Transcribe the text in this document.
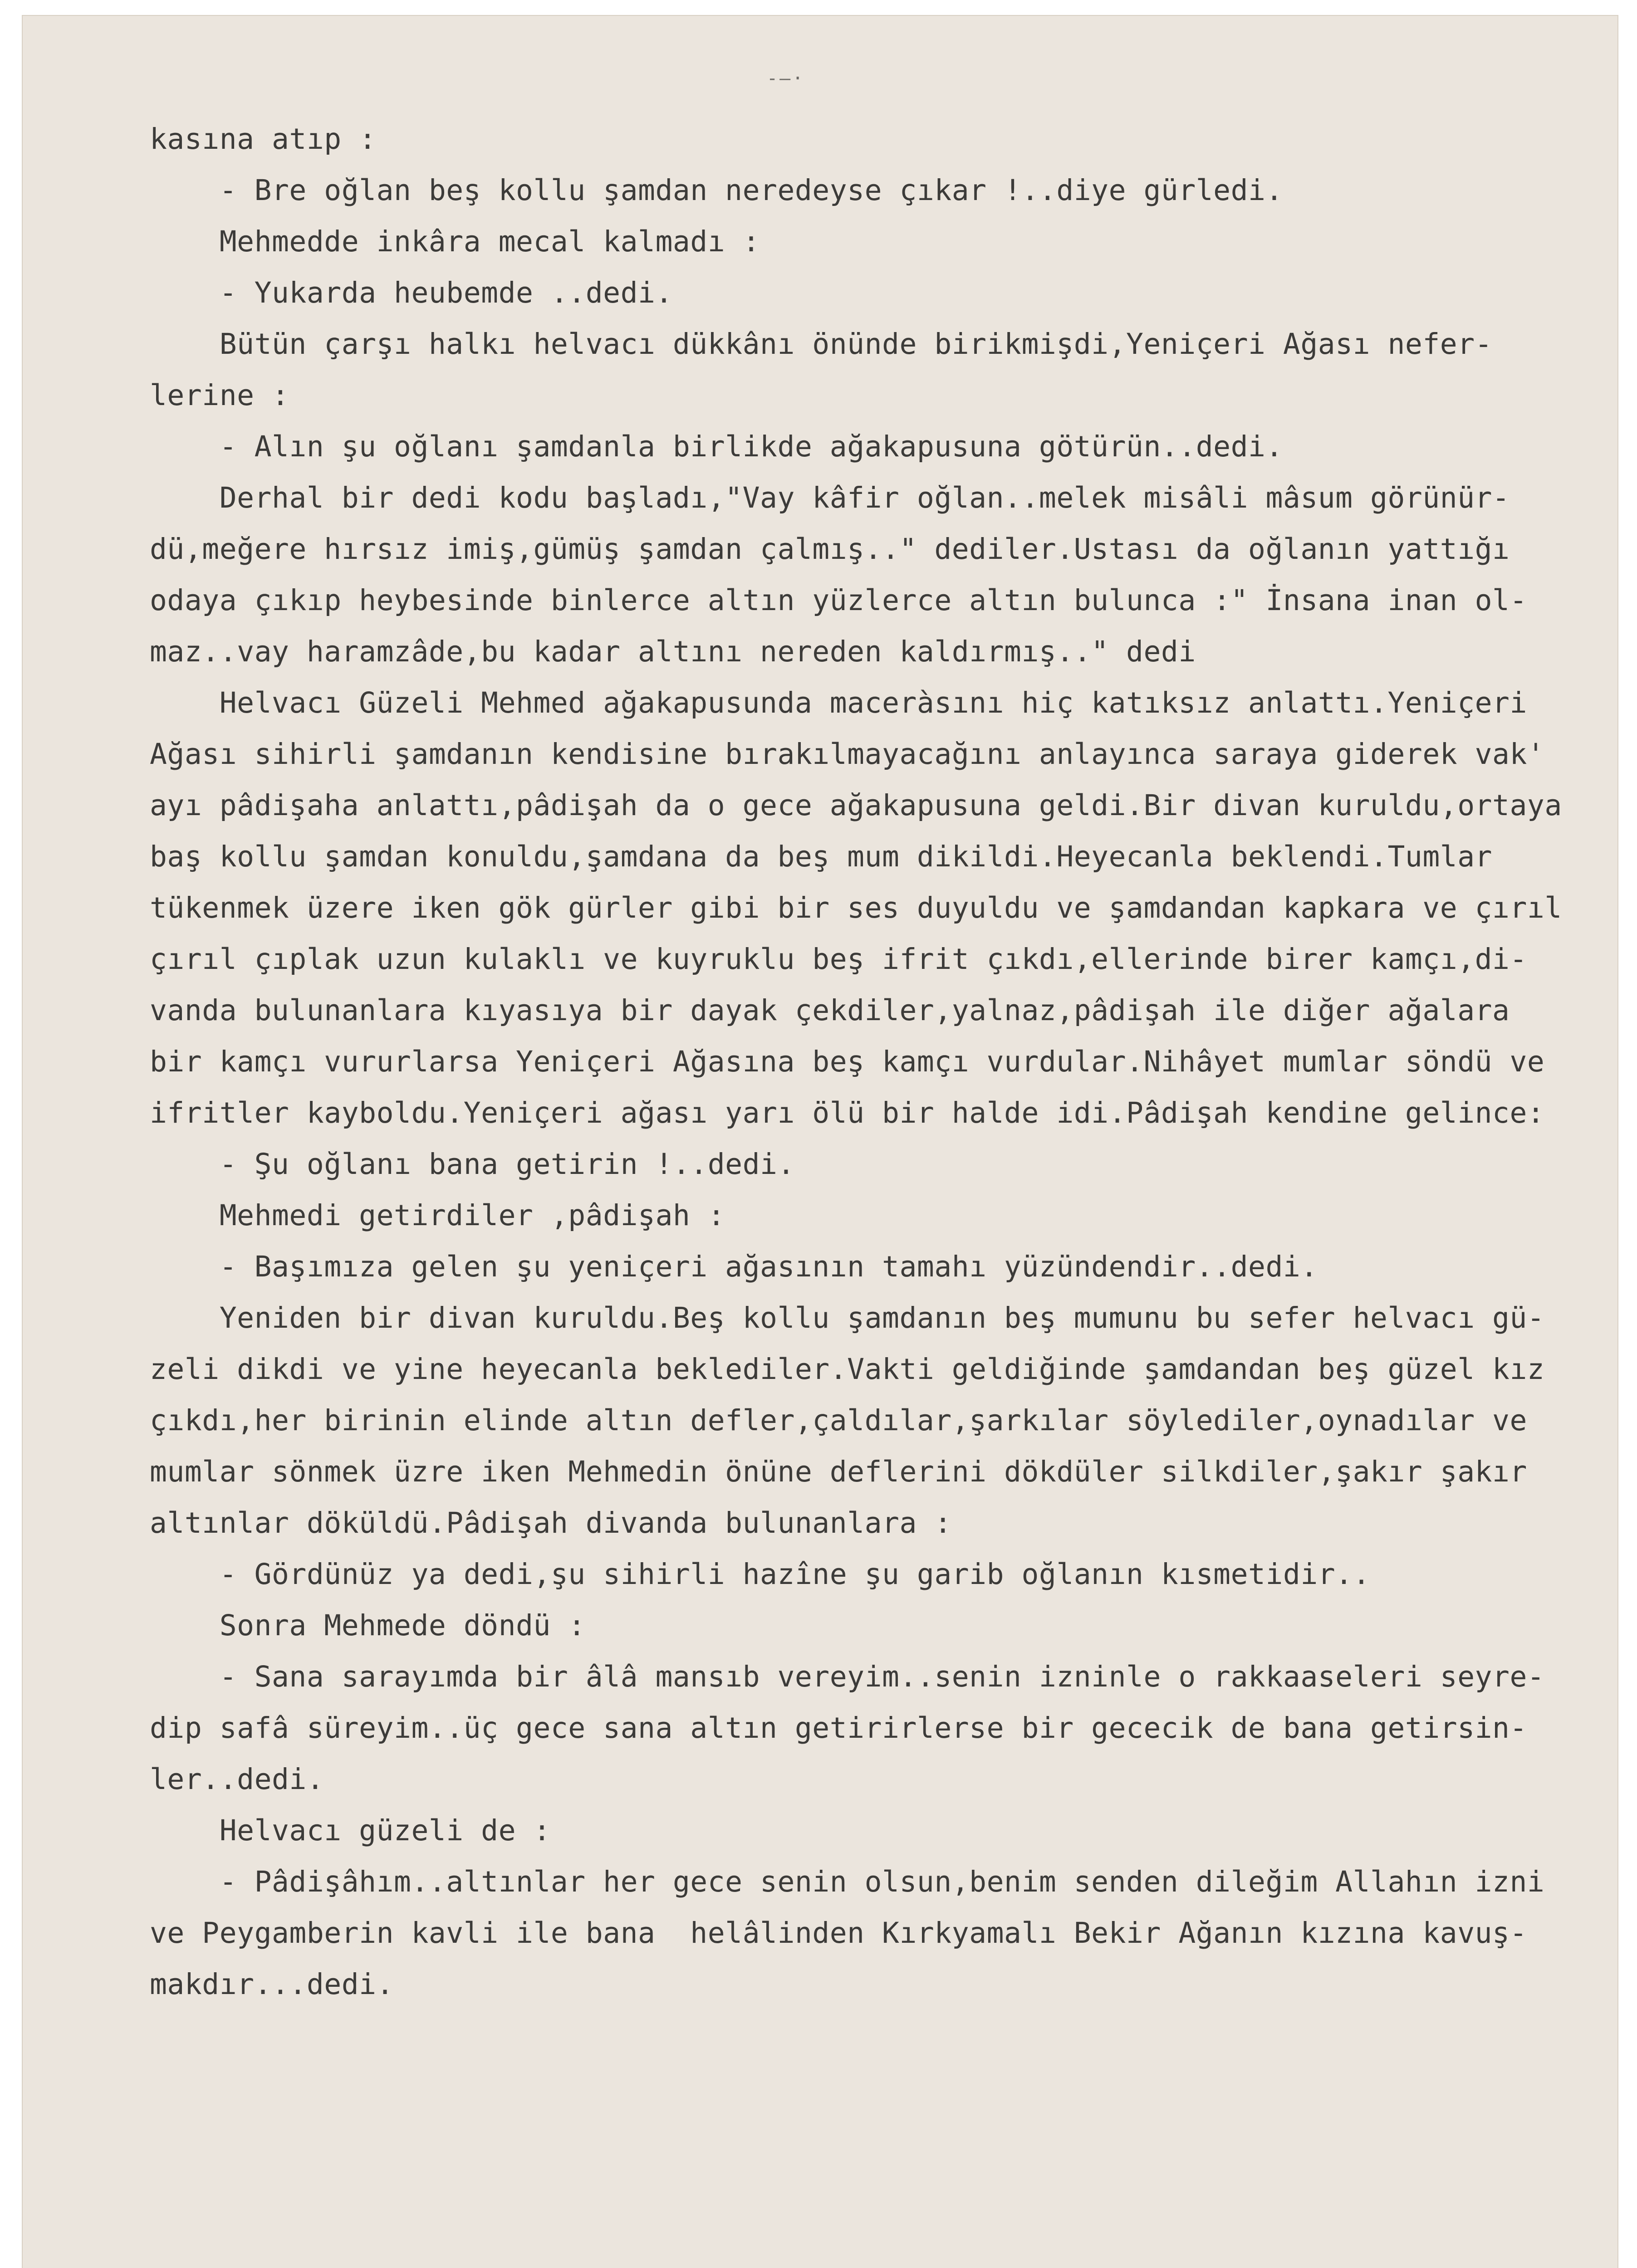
-—·
kasına atıp :
- Bre oğlan beş kollu şamdan neredeyse çıkar !..diye gürledi.
Mehmedde inkâra mecal kalmadı :
- Yukarda heubemde ..dedi.
Bütün çarşı halkı helvacı dükkânı önünde birikmişdi,Yeniçeri Ağası nefer-
lerine :
- Alın şu oğlanı şamdanla birlikde ağakapusuna götürün..dedi.
Derhal bir dedi kodu başladı,"Vay kâfir oğlan..melek misâli mâsum görünür-
dü,meğere hırsız imiş,gümüş şamdan çalmış.." dediler.Ustası da oğlanın yattığı
odaya çıkıp heybesinde binlerce altın yüzlerce altın bulunca :" İnsana inan ol-
maz..vay haramzâde,bu kadar altını nereden kaldırmış.." dedi
Helvacı Güzeli Mehmed ağakapusunda maceràsını hiç katıksız anlattı.Yeniçeri
Ağası sihirli şamdanın kendisine bırakılmayacağını anlayınca saraya giderek vak'
ayı pâdişaha anlattı,pâdişah da o gece ağakapusuna geldi.Bir divan kuruldu,ortaya
baş kollu şamdan konuldu,şamdana da beş mum dikildi.Heyecanla beklendi.Tumlar
tükenmek üzere iken gök gürler gibi bir ses duyuldu ve şamdandan kapkara ve çırıl
çırıl çıplak uzun kulaklı ve kuyruklu beş ifrit çıkdı,ellerinde birer kamçı,di-
vanda bulunanlara kıyasıya bir dayak çekdiler,yalnaz,pâdişah ile diğer ağalara
bir kamçı vururlarsa Yeniçeri Ağasına beş kamçı vurdular.Nihâyet mumlar söndü ve
ifritler kayboldu.Yeniçeri ağası yarı ölü bir halde idi.Pâdişah kendine gelince:
- Şu oğlanı bana getirin !..dedi.
Mehmedi getirdiler ,pâdişah :
- Başımıza gelen şu yeniçeri ağasının tamahı yüzündendir..dedi.
Yeniden bir divan kuruldu.Beş kollu şamdanın beş mumunu bu sefer helvacı gü-
zeli dikdi ve yine heyecanla beklediler.Vakti geldiğinde şamdandan beş güzel kız
çıkdı,her birinin elinde altın defler,çaldılar,şarkılar söylediler,oynadılar ve
mumlar sönmek üzre iken Mehmedin önüne deflerini dökdüler silkdiler,şakır şakır
altınlar döküldü.Pâdişah divanda bulunanlara :
- Gördünüz ya dedi,şu sihirli hazîne şu garib oğlanın kısmetidir..
Sonra Mehmede döndü :
- Sana sarayımda bir âlâ mansıb vereyim..senin izninle o rakkaaseleri seyre-
dip safâ süreyim..üç gece sana altın getirirlerse bir gececik de bana getirsin-
ler..dedi.
Helvacı güzeli de :
- Pâdişâhım..altınlar her gece senin olsun,benim senden dileğim Allahın izni
ve Peygamberin kavli ile bana  helâlinden Kırkyamalı Bekir Ağanın kızına kavuş-
makdır...dedi.
